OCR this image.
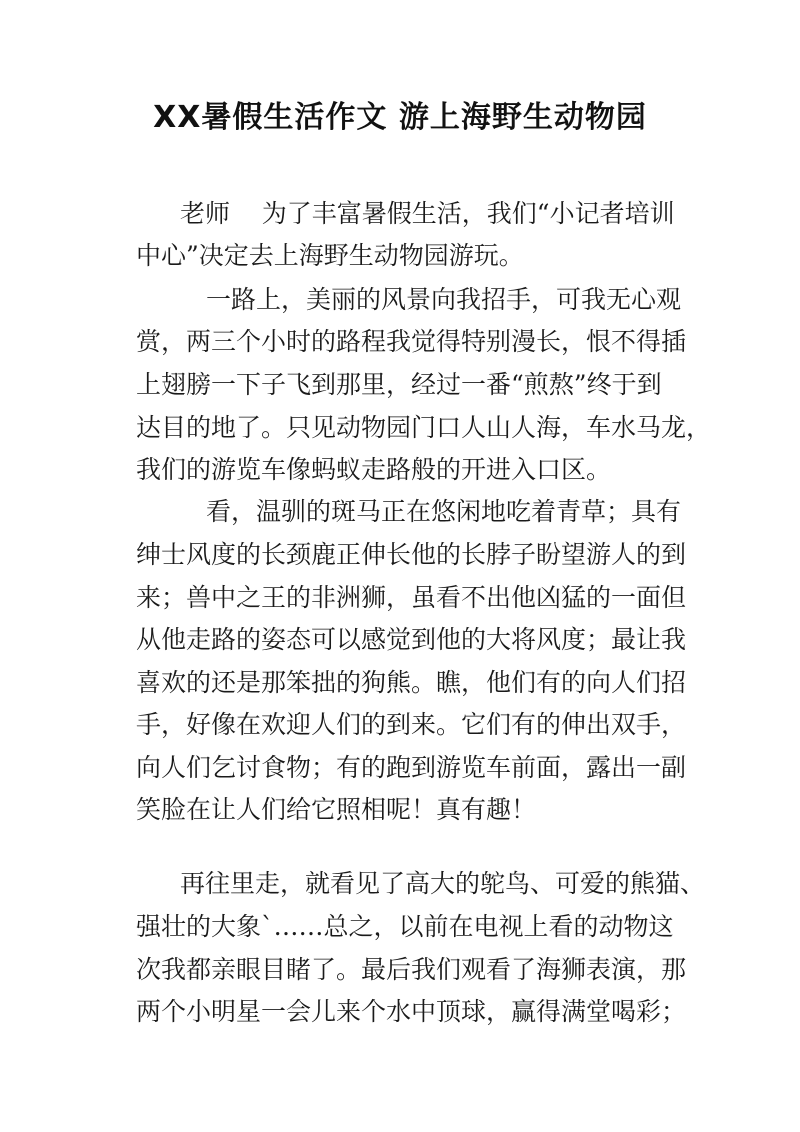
XX暑假生活作文 游上海野生动物园
老师    为了丰富暑假生活，我们“小记者培训
中心”决定去上海野生动物园游玩。
一路上，美丽的风景向我招手，可我无心观
赏，两三个小时的路程我觉得特别漫长，恨不得插
上翅膀一下子飞到那里，经过一番“煎熬”终于到
达目的地了。只见动物园门口人山人海，车水马龙，
我们的游览车像蚂蚁走路般的开进入口区。
看，温驯的斑马正在悠闲地吃着青草；具有
绅士风度的长颈鹿正伸长他的长脖子盼望游人的到
来；兽中之王的非洲狮，虽看不出他凶猛的一面但
从他走路的姿态可以感觉到他的大将风度；最让我
喜欢的还是那笨拙的狗熊。瞧，他们有的向人们招
手，好像在欢迎人们的到来。它们有的伸出双手，
向人们乞讨食物；有的跑到游览车前面，露出一副
笑脸在让人们给它照相呢！真有趣！
再往里走，就看见了高大的鸵鸟、可爱的熊猫、
强壮的大象`……总之，以前在电视上看的动物这
次我都亲眼目睹了。最后我们观看了海狮表演，那
两个小明星一会儿来个水中顶球，赢得满堂喝彩；
